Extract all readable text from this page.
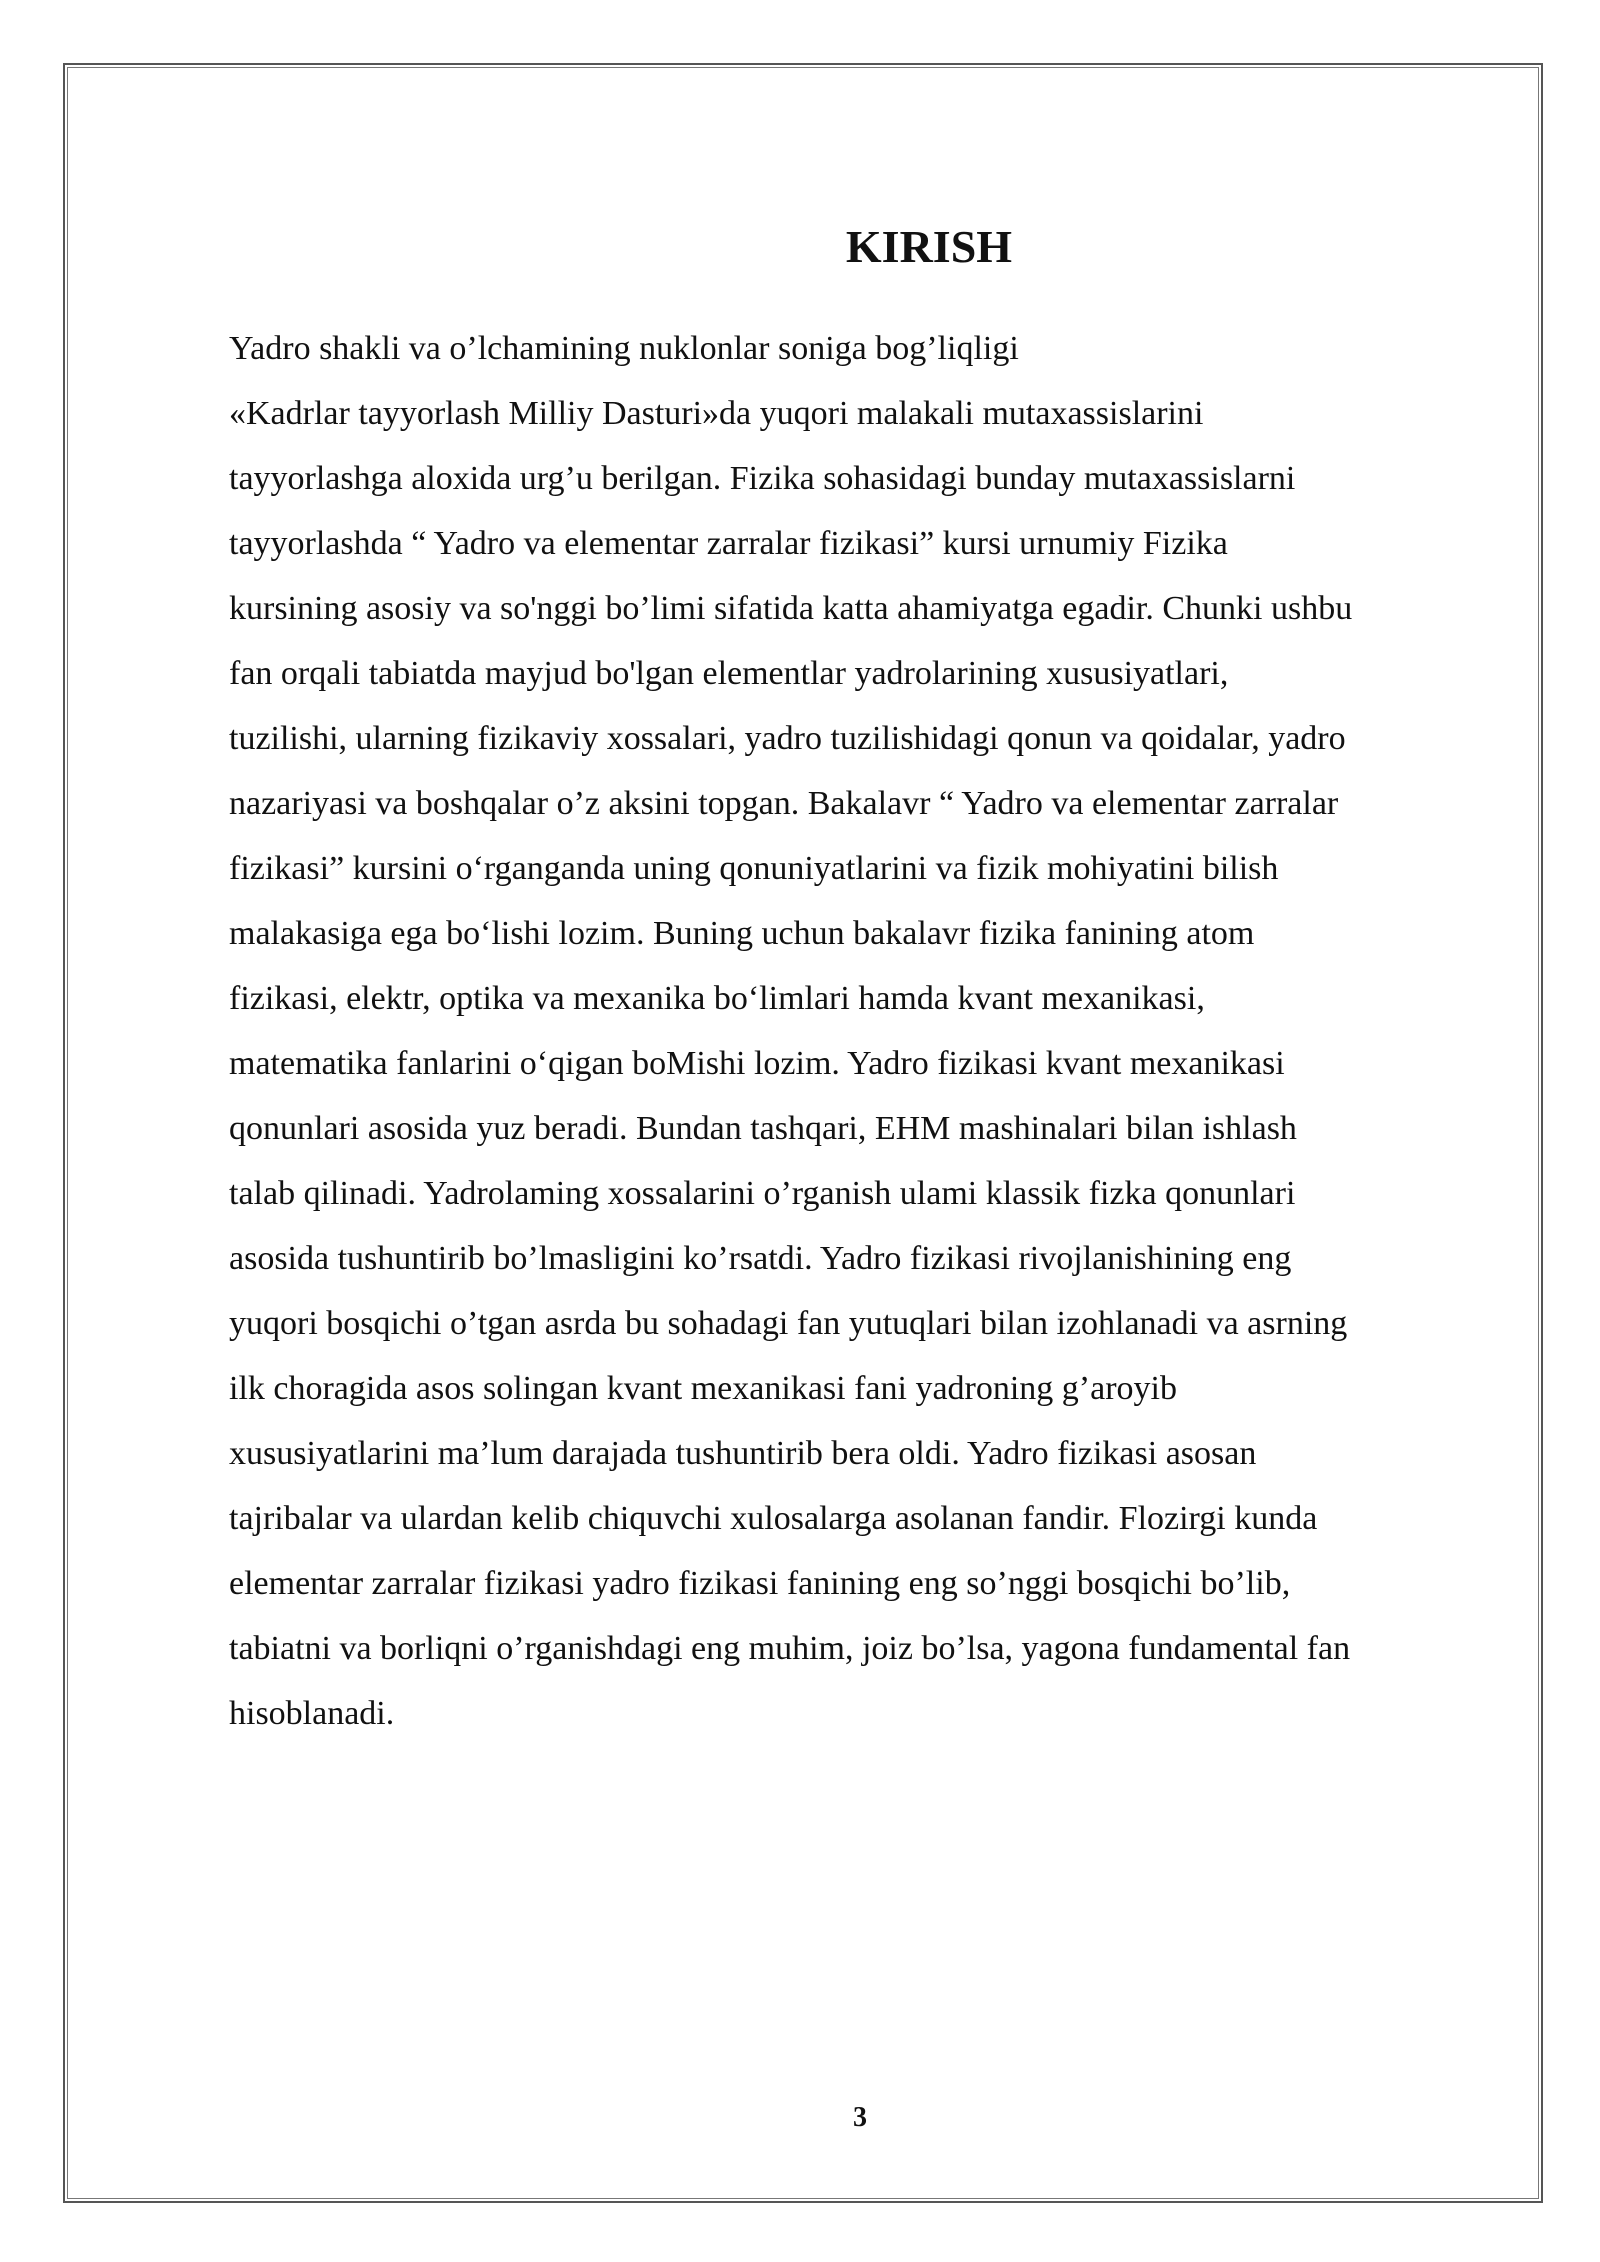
KIRISH

Yadro shakli va o’lchamining nuklonlar soniga bog’liqligi

«Kadrlar tayyorlash Milliy Dasturi»da yuqori malakali mutaxassislarini

tayyorlashga aloxida urg’u berilgan. Fizika sohasidagi bunday mutaxassislarni

tayyorlashda “ Yadro va elementar zarralar fizikasi” kursi urnumiy Fizika

kursining asosiy va so'nggi bo’limi sifatida katta ahamiyatga egadir. Chunki ushbu

fan orqali tabiatda mayjud bo'lgan elementlar yadrolarining xususiyatlari,

tuzilishi, ularning fizikaviy xossalari, yadro tuzilishidagi qonun va qoidalar, yadro

nazariyasi va boshqalar o’z aksini topgan. Bakalavr “ Yadro va elementar zarralar

fizikasi” kursini o‘rganganda uning qonuniyatlarini va fizik mohiyatini bilish

malakasiga ega bo‘lishi lozim. Buning uchun bakalavr fizika fanining atom

fizikasi, elektr, optika va mexanika bo‘limlari hamda kvant mexanikasi,

matematika fanlarini o‘qigan boMishi lozim. Yadro fizikasi kvant mexanikasi

qonunlari asosida yuz beradi. Bundan tashqari, EHM mashinalari bilan ishlash

talab qilinadi. Yadrolaming xossalarini o’rganish ulami klassik fizka qonunlari

asosida tushuntirib bo’lmasligini ko’rsatdi. Yadro fizikasi rivojlanishining eng

yuqori bosqichi o’tgan asrda bu sohadagi fan yutuqlari bilan izohlanadi va asrning

ilk choragida asos solingan kvant mexanikasi fani yadroning g’aroyib

xususiyatlarini ma’lum darajada tushuntirib bera oldi. Yadro fizikasi asosan

tajribalar va ulardan kelib chiquvchi xulosalarga asolanan fandir. Flozirgi kunda

elementar zarralar fizikasi yadro fizikasi fanining eng so’nggi bosqichi bo’lib,

tabiatni va borliqni o’rganishdagi eng muhim, joiz bo’lsa, yagona fundamental fan

hisoblanadi.

3
